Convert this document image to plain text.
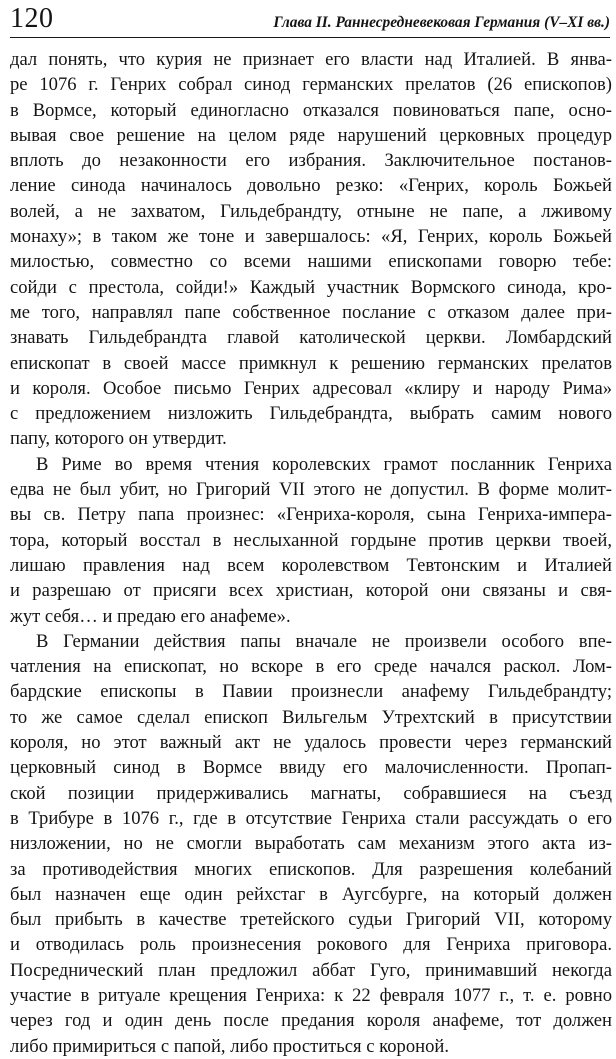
120	Глава II. Раннесредневековая Германия (V–XI вв.)
дал понять, что курия не признает его власти над Италией. В янва-
ре 1076 г. Генрих собрал синод германских прелатов (26 епископов)
в Вормсе, который единогласно отказался повиноваться папе, осно-
вывая свое решение на целом ряде нарушений церковных процедур
вплоть до незаконности его избрания. Заключительное постанов-
ление синода начиналось довольно резко: «Генрих, король Божьей
волей, а не захватом, Гильдебрандту, отныне не папе, а лживому
монаху»; в таком же тоне и завершалось: «Я, Генрих, король Божьей
милостью, совместно со всеми нашими епископами говорю тебе:
сойди с престола, сойди!» Каждый участник Вормского синода, кро-
ме того, направлял папе собственное послание с отказом далее при-
знавать Гильдебрандта главой католической церкви. Ломбардский
епископат в своей массе примкнул к решению германских прелатов
и короля. Особое письмо Генрих адресовал «клиру и народу Рима»
с предложением низложить Гильдебрандта, выбрать самим нового
папу, которого он утвердит.
В Риме во время чтения королевских грамот посланник Генриха
едва не был убит, но Григорий VII этого не допустил. В форме молит-
вы св. Петру папа произнес: «Генриха-короля, сына Генриха-импера-
тора, который восстал в неслыханной гордыне против церкви твоей,
лишаю правления над всем королевством Тевтонским и Италией
и разрешаю от присяги всех христиан, которой они связаны и свя-
жут себя… и предаю его анафеме».
В Германии действия папы вначале не произвели особого впе-
чатления на епископат, но вскоре в его среде начался раскол. Лом-
бардские епископы в Павии произнесли анафему Гильдебрандту;
то же самое сделал епископ Вильгельм Утрехтский в присутствии
короля, но этот важный акт не удалось провести через германский
церковный синод в Вормсе ввиду его малочисленности. Пропап-
ской позиции придерживались магнаты, собравшиеся на съезд
в Трибуре в 1076 г., где в отсутствие Генриха стали рассуждать о его
низложении, но не смогли выработать сам механизм этого акта из-
за противодействия многих епископов. Для разрешения колебаний
был назначен еще один рейхстаг в Аугсбурге, на который должен
был прибыть в качестве третейского судьи Григорий VII, которому
и отводилась роль произнесения рокового для Генриха приговора.
Посреднический план предложил аббат Гуго, принимавший некогда
участие в ритуале крещения Генриха: к 22 февраля 1077 г., т. е. ровно
через год и один день после предания короля анафеме, тот должен
либо примириться с папой, либо проститься с короной.
